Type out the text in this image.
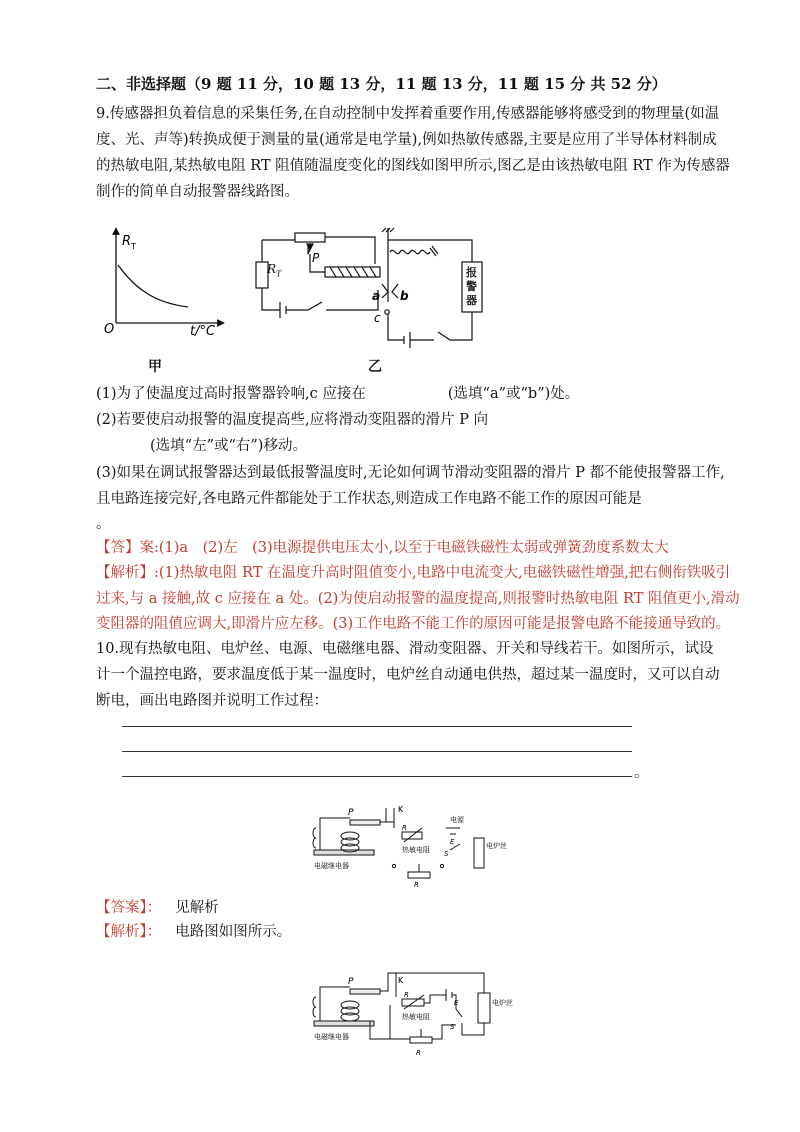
二、非选择题（9 题 11 分，10 题 13 分，11 题 13 分，11 题 15 分 共 52 分）
9.传感器担负着信息的采集任务,在自动控制中发挥着重要作用,传感器能够将感受到的物理量(如温
度、光、声等)转换成便于测量的量(通常是电学量),例如热敏传感器,主要是应用了半导体材料制成
的热敏电阻,某热敏电阻 RT 阻值随温度变化的图线如图甲所示,图乙是由该热敏电阻 RT 作为传感器
制作的简单自动报警器线路图。
R T
O	t/°C
P
a b
c
$R_T$	报警器
甲	乙
(1)为了使温度过高时报警器铃响,c 应接在	(选填“a”或“b”)处。
(2)若要使启动报警的温度提高些,应将滑动变阻器的滑片 P 向
(选填“左”或“右”)移动。
(3)如果在调试报警器达到最低报警温度时,无论如何调节滑动变阻器的滑片 P 都不能使报警器工作,
且电路连接完好,各电路元件都能处于工作状态,则造成工作电路不能工作的原因可能是
。
【答】案:(1)a　(2)左　(3)电源提供电压太小,以至于电磁铁磁性太弱或弹簧劲度系数太大
【解析】:(1)热敏电阻 RT 在温度升高时阻值变小,电路中电流变大,电磁铁磁性增强,把右侧衔铁吸引
过来,与 a 接触,故 c 应接在 a 处。(2)为使启动报警的温度提高,则报警时热敏电阻 RT 阻值更小,滑动
变阻器的阻值应调大,即滑片应左移。(3)工作电路不能工作的原因可能是报警电路不能接通导致的。
10.现有热敏电阻、电炉丝、电源、电磁继电器、滑动变阻器、开关和导线若干。如图所示，试设
计一个温控电路，要求温度低于某一温度时，电炉丝自动通电供热，超过某一温度时，又可以自动
断电，画出电路图并说明工作过程：
。
P	K
R
热敏电阻
电源
E
S
电炉丝
R
电磁继电器
【答案】： 见解析
【解析】： 电路图如图所示。
P	K
R
热敏电阻
E
S
电炉丝
R
电磁继电器
